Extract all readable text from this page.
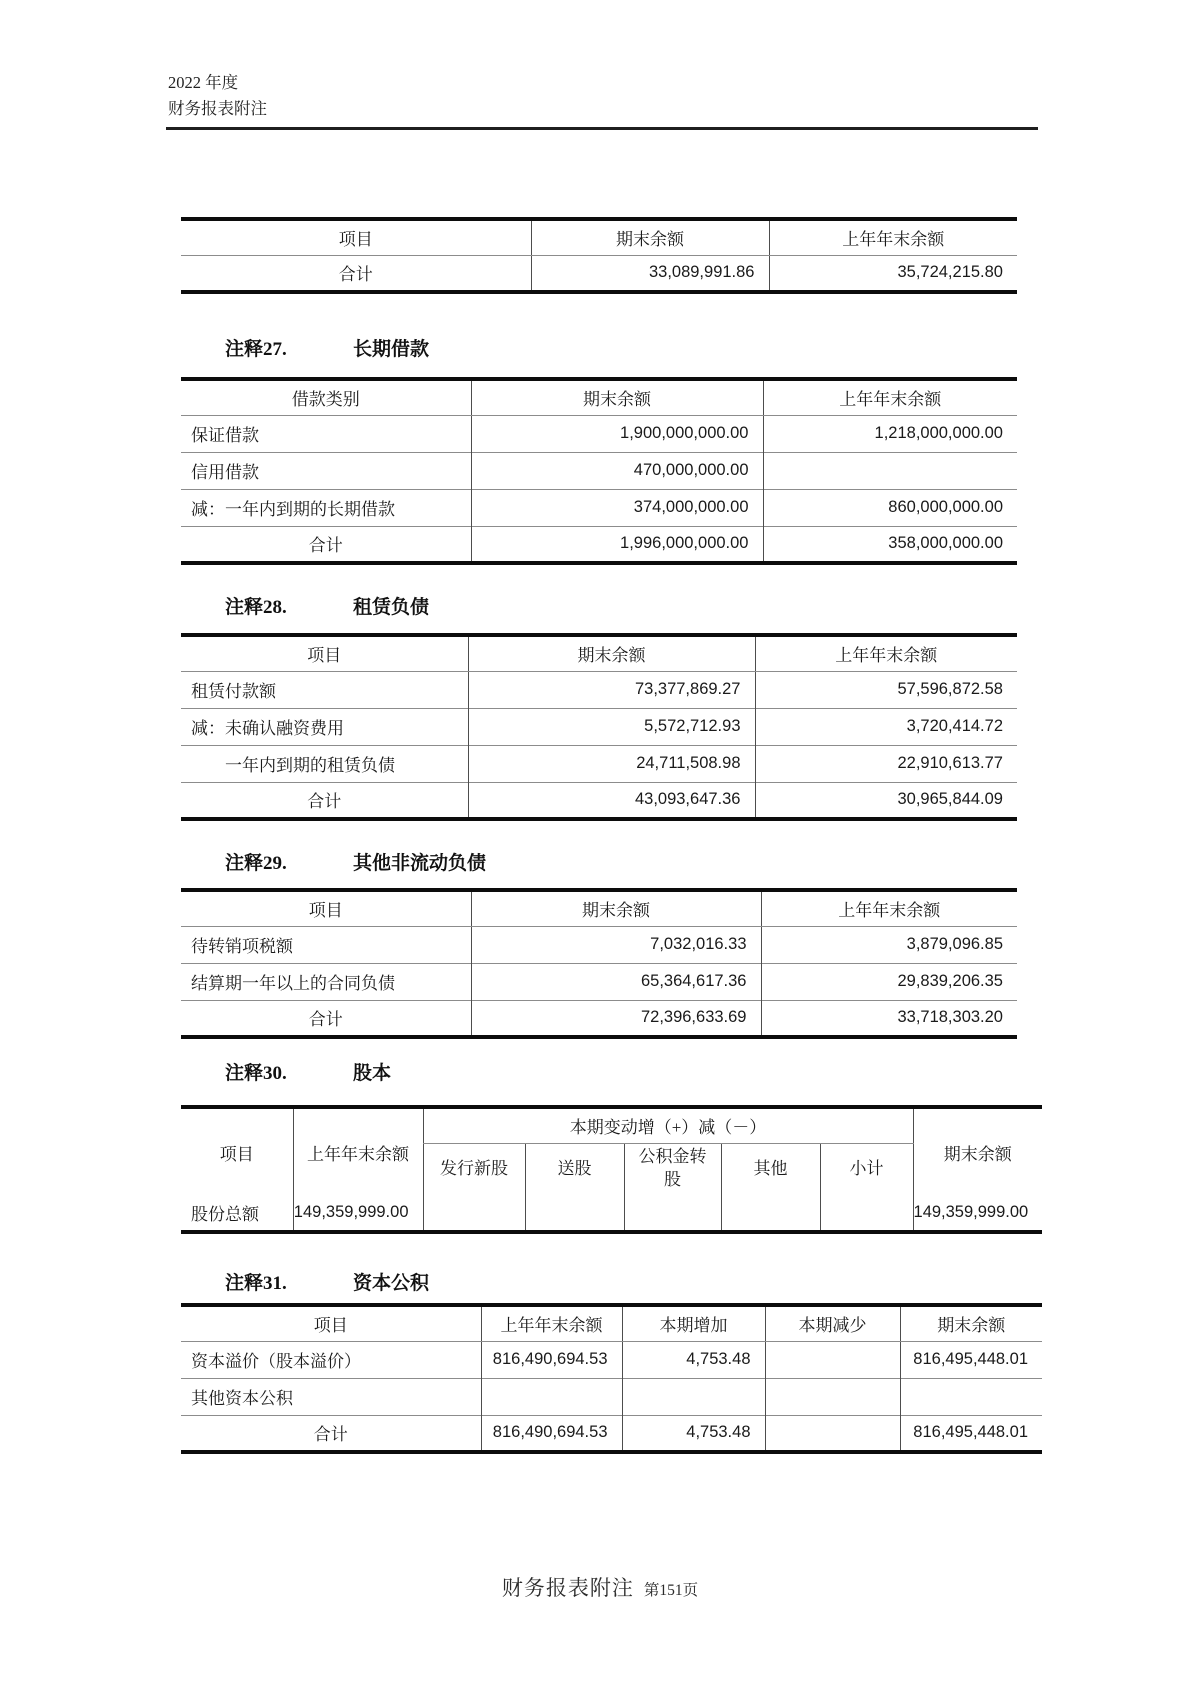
2022 年度
财务报表附注
项目	期末余额	上年年末余额
合计	33,089,991.86	35,724,215.80
注释27.	长期借款
借款类别	期末余额	上年年末余额
保证借款	1,900,000,000.00	1,218,000,000.00
信用借款	470,000,000.00	
减：一年内到期的长期借款	374,000,000.00	860,000,000.00
合计	1,996,000,000.00	358,000,000.00
注释28.	租赁负债
项目	期末余额	上年年末余额
租赁付款额	73,377,869.27	57,596,872.58
减：未确认融资费用	5,572,712.93	3,720,414.72
一年内到期的租赁负债	24,711,508.98	22,910,613.77
合计	43,093,647.36	30,965,844.09
注释29.	其他非流动负债
项目	期末余额	上年年末余额
待转销项税额	7,032,016.33	3,879,096.85
结算期一年以上的合同负债	65,364,617.36	29,839,206.35
合计	72,396,633.69	33,718,303.20
注释30.	股本
项目	上年年末余额	本期变动增（+）减（－）					期末余额
		发行新股	送股	公积金转股	其他	小计	
股份总额	149,359,999.00						149,359,999.00
注释31.	资本公积
项目	上年年末余额	本期增加	本期减少	期末余额
资本溢价（股本溢价）	816,490,694.53	4,753.48		816,495,448.01
其他资本公积				
合计	816,490,694.53	4,753.48		816,495,448.01
财务报表附注 第151页
